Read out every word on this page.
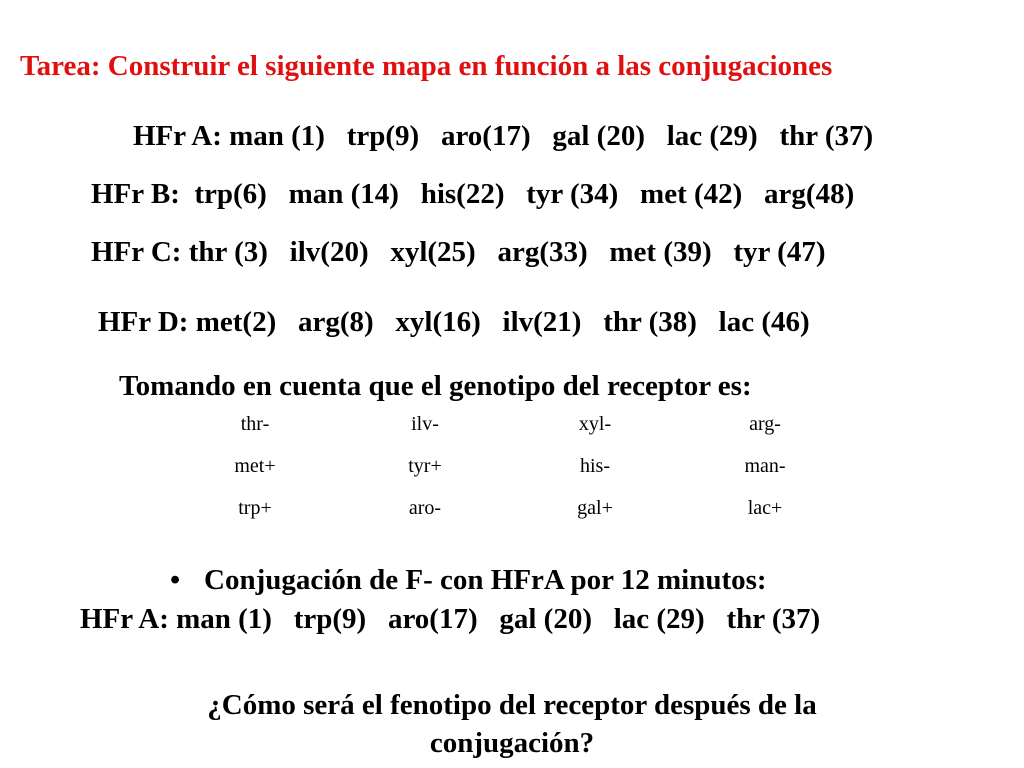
Tarea: Construir el siguiente mapa en función a las conjugaciones
HFr A: man (1)   trp(9)   aro(17)   gal (20)   lac (29)   thr (37)
HFr B:  trp(6)   man (14)   his(22)   tyr (34)   met (42)   arg(48)
HFr C: thr (3)   ilv(20)   xyl(25)   arg(33)   met (39)   tyr (47)
HFr D: met(2)   arg(8)   xyl(16)   ilv(21)   thr (38)   lac (46)
Tomando en cuenta que el genotipo del receptor es:
thr-	ilv-	xyl-	arg-
met+	tyr+	his-	man-
trp+	aro-	gal+	lac+
• Conjugación de F- con HFrA por 12 minutos:
HFr A: man (1)   trp(9)   aro(17)   gal (20)   lac (29)   thr (37)
¿Cómo será el fenotipo del receptor después de la
conjugación?
